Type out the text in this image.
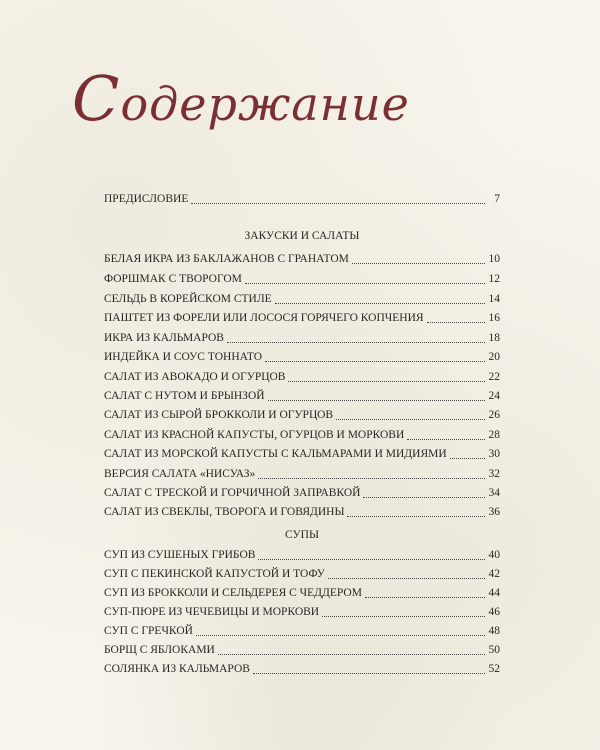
Содержание
ПРЕДИСЛОВИЕ	7
ЗАКУСКИ И САЛАТЫ
БЕЛАЯ ИКРА ИЗ БАКЛАЖАНОВ С ГРАНАТОМ	10
ФОРШМАК С ТВОРОГОМ	12
СЕЛЬДЬ В КОРЕЙСКОМ СТИЛЕ	14
ПАШТЕТ ИЗ ФОРЕЛИ ИЛИ ЛОСОСЯ ГОРЯЧЕГО КОПЧЕНИЯ	16
ИКРА ИЗ КАЛЬМАРОВ	18
ИНДЕЙКА И СОУС ТОННАТО	20
САЛАТ ИЗ АВОКАДО И ОГУРЦОВ	22
САЛАТ С НУТОМ И БРЫНЗОЙ	24
САЛАТ ИЗ СЫРОЙ БРОККОЛИ И ОГУРЦОВ	26
САЛАТ ИЗ КРАСНОЙ КАПУСТЫ, ОГУРЦОВ И МОРКОВИ	28
САЛАТ ИЗ МОРСКОЙ КАПУСТЫ С КАЛЬМАРАМИ И МИДИЯМИ	30
ВЕРСИЯ САЛАТА «НИСУАЗ»	32
САЛАТ С ТРЕСКОЙ И ГОРЧИЧНОЙ ЗАПРАВКОЙ	34
САЛАТ ИЗ СВЕКЛЫ, ТВОРОГА И ГОВЯДИНЫ	36
СУПЫ
СУП ИЗ СУШЕНЫХ ГРИБОВ	40
СУП С ПЕКИНСКОЙ КАПУСТОЙ И ТОФУ	42
СУП ИЗ БРОККОЛИ И СЕЛЬДЕРЕЯ С ЧЕДДЕРОМ	44
СУП-ПЮРЕ ИЗ ЧЕЧЕВИЦЫ И МОРКОВИ	46
СУП С ГРЕЧКОЙ	48
БОРЩ С ЯБЛОКАМИ	50
СОЛЯНКА ИЗ КАЛЬМАРОВ	52
